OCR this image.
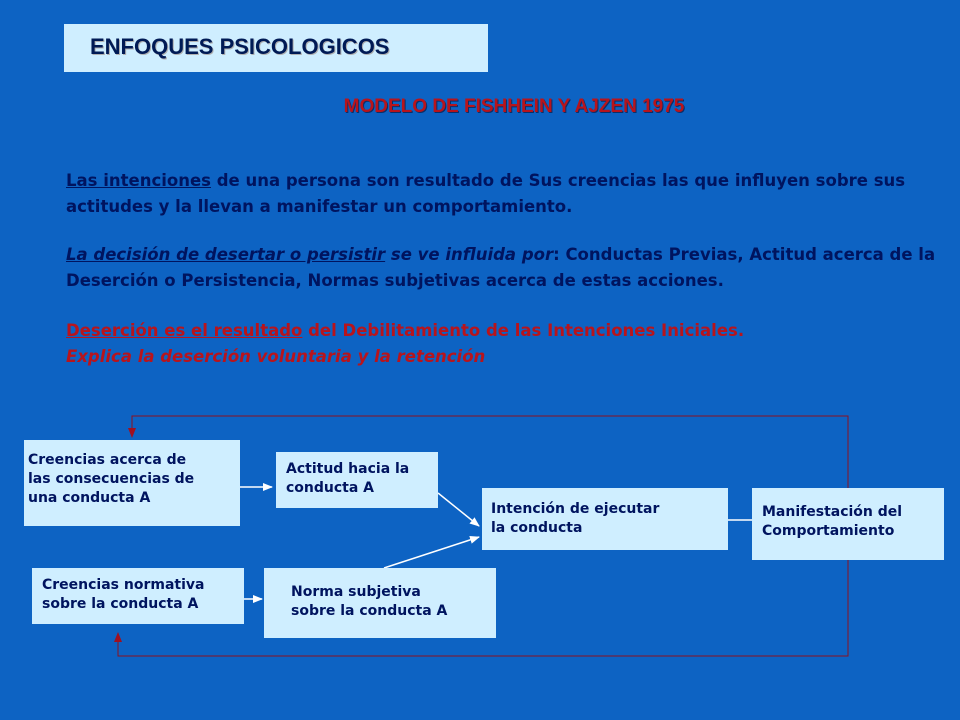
ENFOQUES PSICOLOGICOS
MODELO DE FISHHEIN Y AJZEN 1975

Las intenciones de una persona son resultado de Sus creencias las que influyen sobre sus actitudes y la llevan a manifestar un comportamiento.

La decisión de desertar o persistir se ve influida por: Conductas Previas, Actitud acerca de la Deserción o Persistencia, Normas subjetivas acerca de estas acciones.

Deserción es el resultado del Debilitamiento de las Intenciones Iniciales.
Explica la deserción voluntaria y la retención

Creencias acerca de
las consecuencias de
una conducta A
Actitud hacia la
conducta A
Intención de ejecutar
la conducta
Manifestación del
Comportamiento
Creencias normativa
sobre la conducta A
Norma subjetiva
sobre la conducta A
